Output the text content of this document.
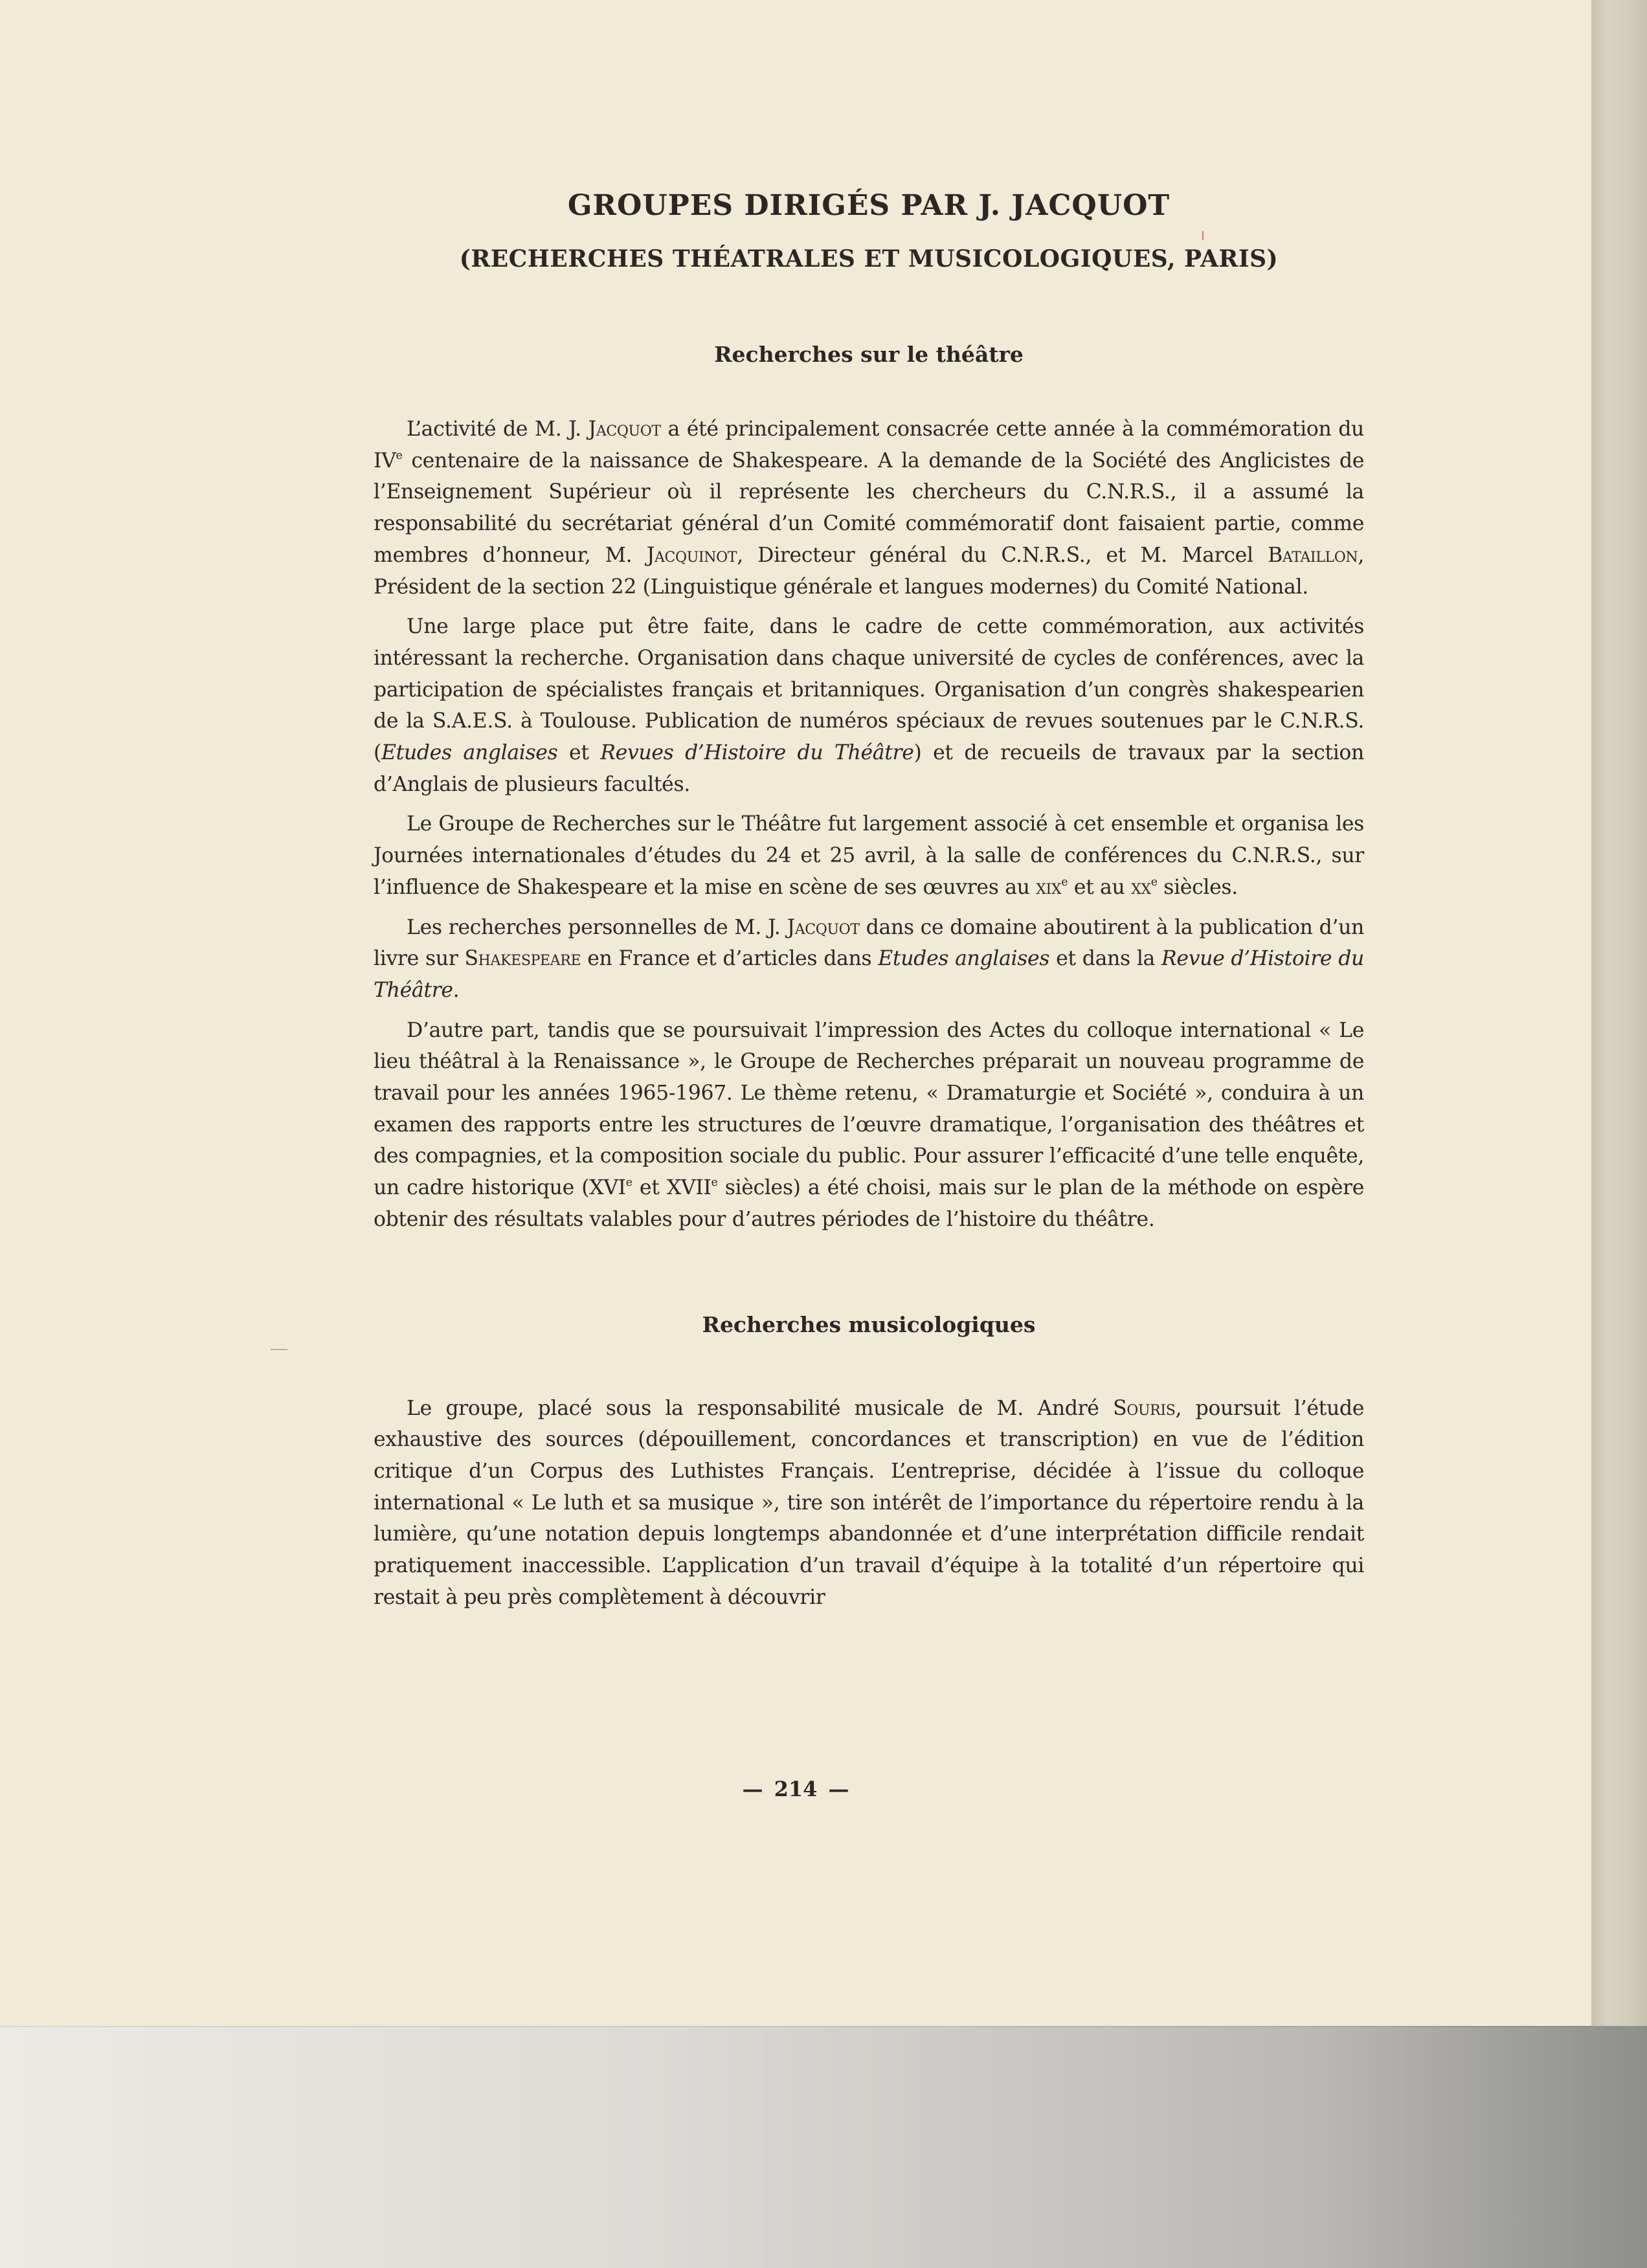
GROUPES DIRIGÉS PAR J. JACQUOT
(RECHERCHES THÉATRALES ET MUSICOLOGIQUES, PARIS)
Recherches sur le théâtre

L’activité de M. J. Jacquot a été principalement consacrée cette année à la commémoration du IVe centenaire de la naissance de Shakespeare. A la demande de la Société des Anglicistes de l’Enseignement Supérieur où il représente les chercheurs du C.N.R.S., il a assumé la responsabilité du secrétariat général d’un Comité commémoratif dont faisaient partie, comme membres d’honneur, M. Jacquinot, Directeur général du C.N.R.S., et M. Marcel Bataillon, Président de la section 22 (Linguistique générale et langues modernes) du Comité National.

Une large place put être faite, dans le cadre de cette commémoration, aux activités intéressant la recherche. Organisation dans chaque université de cycles de conférences, avec la participation de spécialistes français et britanniques. Organisation d’un congrès shakespearien de la S.A.E.S. à Toulouse. Publication de numéros spéciaux de revues soutenues par le C.N.R.S. (Etudes anglaises et Revues d’Histoire du Théâtre) et de recueils de travaux par la section d’Anglais de plusieurs facultés.

Le Groupe de Recherches sur le Théâtre fut largement associé à cet ensemble et organisa les Journées internationales d’études du 24 et 25 avril, à la salle de conférences du C.N.R.S., sur l’influence de Shakespeare et la mise en scène de ses œuvres au xix$^e$ et au $xx^e$ siècles.

Les recherches personnelles de M. J. Jacquot dans ce domaine aboutirent à la publication d’un livre sur Shakespeare en France et d’articles dans Etudes anglaises et dans la Revue d’Histoire du Théâtre.

D’autre part, tandis que se poursuivait l’impression des Actes du colloque international « Le lieu théâtral à la Renaissance », le Groupe de Recherches préparait un nouveau programme de travail pour les années 1965-1967. Le thème retenu, « Dramaturgie et Société », conduira à un examen des rapports entre les structures de l’œuvre dramatique, l’organisation des théâtres et des compagnies, et la composition sociale du public. Pour assurer l’efficacité d’une telle enquête, un cadre historique (XVIe et XVIIe siècles) a été choisi, mais sur le plan de la méthode on espère obtenir des résultats valables pour d’autres périodes de l’histoire du théâtre.

Recherches musicologiques

Le groupe, placé sous la responsabilité musicale de M. André Souris, poursuit l’étude exhaustive des sources (dépouillement, concordances et transcription) en vue de l’édition critique d’un Corpus des Luthistes Français. L’entreprise, décidée à l’issue du colloque international « Le luth et sa musique », tire son intérêt de l’importance du répertoire rendu à la lumière, qu’une notation depuis longtemps abandonnée et d’une interprétation difficile rendait pratiquement inaccessible. L’application d’un travail d’équipe à la totalité d’un répertoire qui restait à peu près complètement à découvrir

— 214 —
